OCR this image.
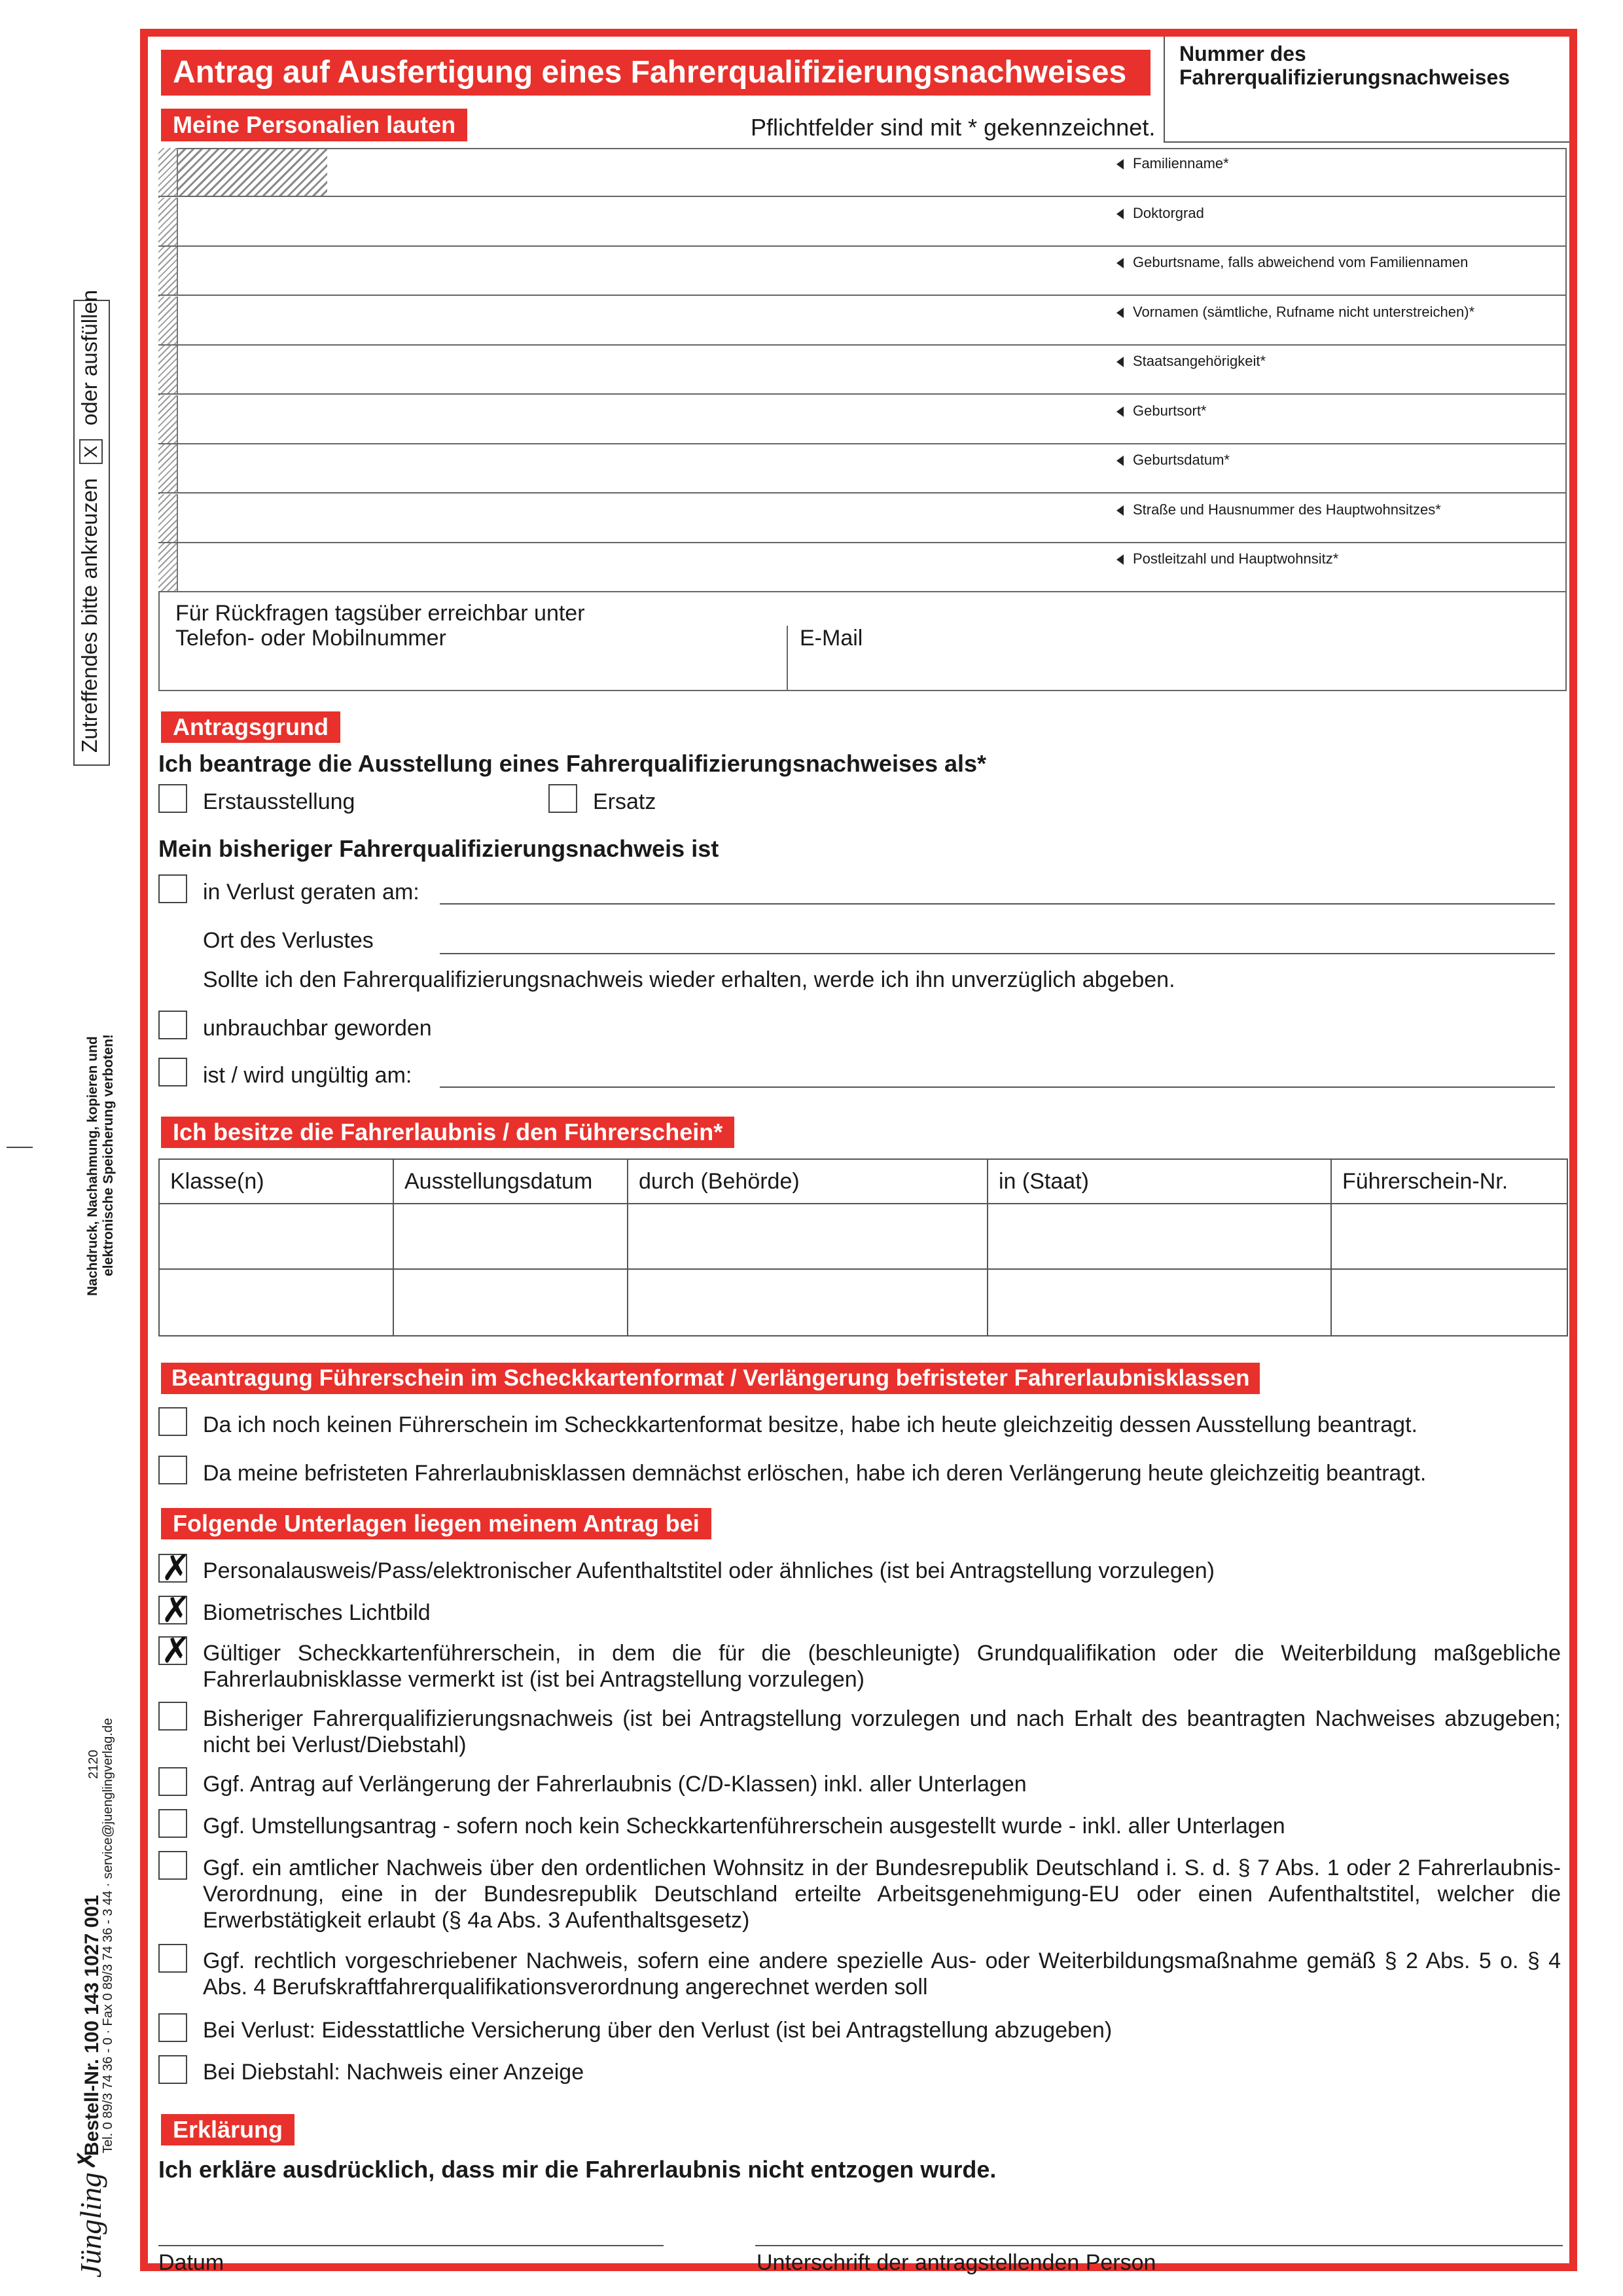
Antrag auf Ausfertigung eines Fahrerqualifizierungsnachweises
Nummer des Fahrerqualifizierungsnachweises
Meine Personalien lauten	Pflichtfelder sind mit * gekennzeichnet.
Familienname*
Doktorgrad
Geburtsname, falls abweichend vom Familiennamen
Vornamen (sämtliche, Rufname nicht unterstreichen)*
Staatsangehörigkeit*
Geburtsort*
Geburtsdatum*
Straße und Hausnummer des Hauptwohnsitzes*
Postleitzahl und Hauptwohnsitz*
Für Rückfragen tagsüber erreichbar unter
Telefon- oder Mobilnummer	E-Mail
Antragsgrund
Ich beantrage die Ausstellung eines Fahrerqualifizierungsnachweises als*
Erstausstellung	Ersatz
Mein bisheriger Fahrerqualifizierungsnachweis ist
in Verlust geraten am:
Ort des Verlustes
Sollte ich den Fahrerqualifizierungsnachweis wieder erhalten, werde ich ihn unverzüglich abgeben.
unbrauchbar geworden
ist / wird ungültig am:
Ich besitze die Fahrerlaubnis / den Führerschein*
Klasse(n)	Ausstellungsdatum	durch (Behörde)	in (Staat)	Führerschein-Nr.

Beantragung Führerschein im Scheckkartenformat / Verlängerung befristeter Fahrerlaubnisklassen
Da ich noch keinen Führerschein im Scheckkartenformat besitze, habe ich heute gleichzeitig dessen Ausstellung beantragt.
Da meine befristeten Fahrerlaubnisklassen demnächst erlöschen, habe ich deren Verlängerung heute gleichzeitig beantragt.
Folgende Unterlagen liegen meinem Antrag bei
✗
Personalausweis/Pass/elektronischer Aufenthaltstitel oder ähnliches (ist bei Antragstellung vorzulegen)
✗
Biometrisches Lichtbild
✗
Gültiger Scheckkartenführerschein, in dem die für die (beschleunigte) Grundqualifikation oder die Weiterbildung maßgebliche Fahrerlaubnisklasse vermerkt ist (ist bei Antragstellung vorzulegen)
Bisheriger Fahrerqualifizierungsnachweis (ist bei Antragstellung vorzulegen und nach Erhalt des beantragten Nachweises abzugeben; nicht bei Verlust/Diebstahl)
Ggf. Antrag auf Verlängerung der Fahrerlaubnis (C/D-Klassen) inkl. aller Unterlagen
Ggf. Umstellungsantrag - sofern noch kein Scheckkartenführerschein ausgestellt wurde - inkl. aller Unterlagen
Ggf. ein amtlicher Nachweis über den ordentlichen Wohnsitz in der Bundesrepublik Deutschland i. S. d. § 7 Abs. 1 oder 2 Fahrerlaubnis-Verordnung, eine in der Bundesrepublik Deutschland erteilte Arbeitsgenehmigung-EU oder einen Aufenthaltstitel, welcher die Erwerbstätigkeit erlaubt (§ 4a Abs. 3 Aufenthaltsgesetz)
Ggf. rechtlich vorgeschriebener Nachweis, sofern eine andere spezielle Aus- oder Weiterbildungsmaßnahme gemäß § 2 Abs. 5 o. § 4 Abs. 4 Berufskraftfahrerqualifikationsverordnung angerechnet werden soll
Bei Verlust: Eidesstattliche Versicherung über den Verlust (ist bei Antragstellung abzugeben)
Bei Diebstahl: Nachweis einer Anzeige
Erklärung
Ich erkläre ausdrücklich, dass mir die Fahrerlaubnis nicht entzogen wurde.
Datum	Unterschrift der antragstellenden Person
Zutreffendes bitte ankreuzen X oder ausfüllen
Nachdruck, Nachahmung, kopieren und elektronische Speicherung verboten!
2120
Bestell-Nr. 100 143 1027 001
Tel. 0 89/3 74 36 - 0 · Fax 0 89/3 74 36 - 3 44 · service@juenglingverlag.de
Jüngling
✗
